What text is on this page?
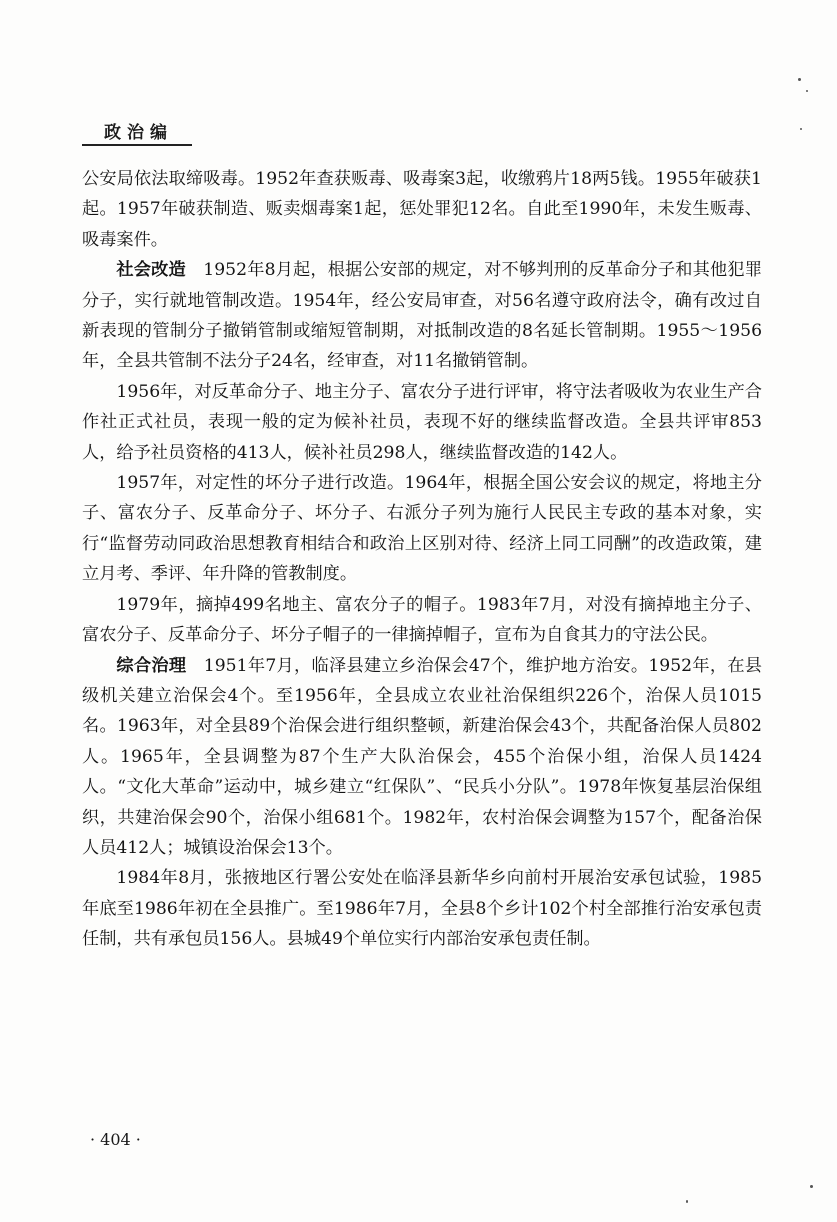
政治编

公安局依法取缔吸毒。1952年查获贩毒、吸毒案3起，收缴鸦片18两5钱。1955年破获1起。1957年破获制造、贩卖烟毒案1起，惩处罪犯12名。自此至1990年，未发生贩毒、吸毒案件。

社会改造　1952年8月起，根据公安部的规定，对不够判刑的反革命分子和其他犯罪分子，实行就地管制改造。1954年，经公安局审查，对56名遵守政府法令，确有改过自新表现的管制分子撤销管制或缩短管制期，对抵制改造的8名延长管制期。1955～1956年，全县共管制不法分子24名，经审查，对11名撤销管制。

1956年，对反革命分子、地主分子、富农分子进行评审，将守法者吸收为农业生产合作社正式社员，表现一般的定为候补社员，表现不好的继续监督改造。全县共评审853人，给予社员资格的413人，候补社员298人，继续监督改造的142人。

1957年，对定性的坏分子进行改造。1964年，根据全国公安会议的规定，将地主分子、富农分子、反革命分子、坏分子、右派分子列为施行人民民主专政的基本对象，实行“监督劳动同政治思想教育相结合和政治上区别对待、经济上同工同酬”的改造政策，建立月考、季评、年升降的管教制度。

1979年，摘掉499名地主、富农分子的帽子。1983年7月，对没有摘掉地主分子、富农分子、反革命分子、坏分子帽子的一律摘掉帽子，宣布为自食其力的守法公民。

综合治理　1951年7月，临泽县建立乡治保会47个，维护地方治安。1952年，在县级机关建立治保会4个。至1956年，全县成立农业社治保组织226个，治保人员1015名。1963年，对全县89个治保会进行组织整顿，新建治保会43个，共配备治保人员802人。1965年，全县调整为87个生产大队治保会，455个治保小组，治保人员1424人。“文化大革命”运动中，城乡建立“红保队”、“民兵小分队”。1978年恢复基层治保组织，共建治保会90个，治保小组681个。1982年，农村治保会调整为157个，配备治保人员412人；城镇设治保会13个。

1984年8月，张掖地区行署公安处在临泽县新华乡向前村开展治安承包试验，1985年底至1986年初在全县推广。至1986年7月，全县8个乡计102个村全部推行治安承包责任制，共有承包员156人。县城49个单位实行内部治安承包责任制。

· 404 ·
